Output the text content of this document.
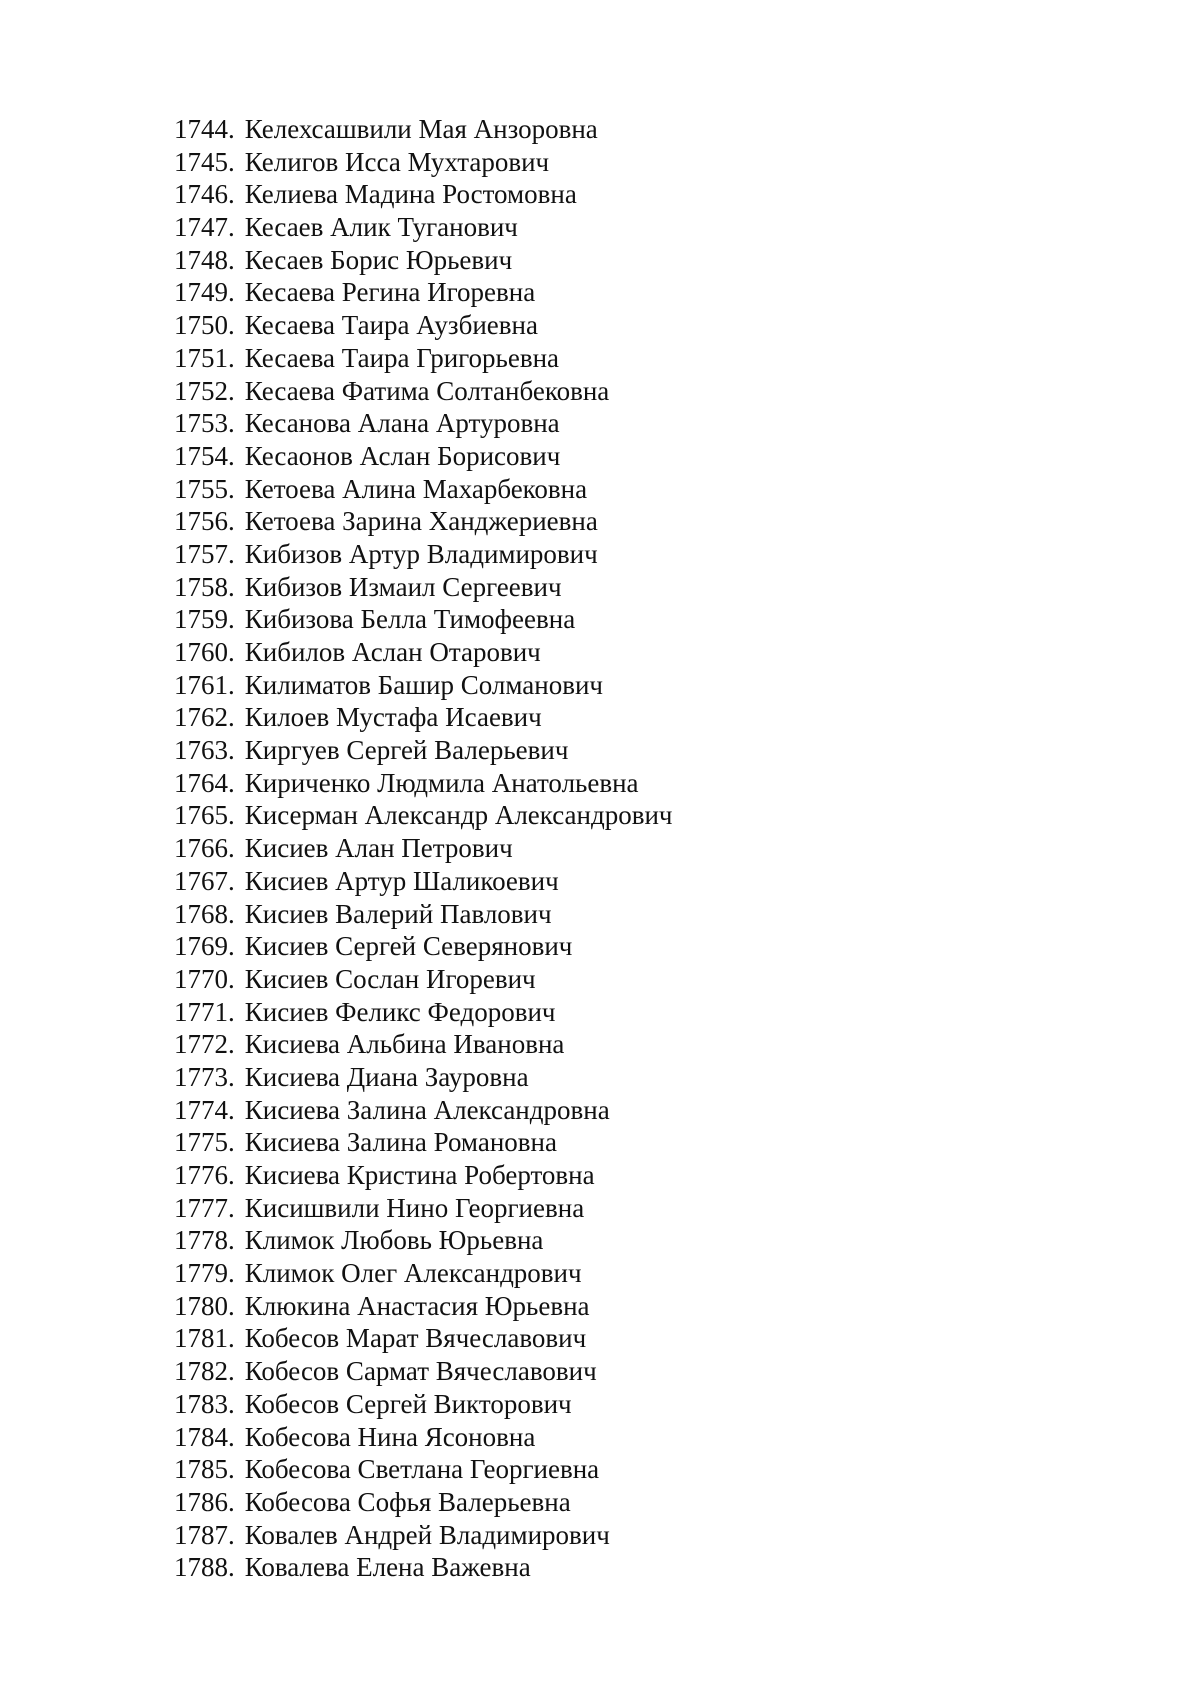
1744. Келехсашвили Мая Анзоровна
1745. Келигов Исса Мухтарович
1746. Келиева Мадина Ростомовна
1747. Кесаев Алик Туганович
1748. Кесаев Борис Юрьевич
1749. Кесаева Регина Игоревна
1750. Кесаева Таира Аузбиевна
1751. Кесаева Таира Григорьевна
1752. Кесаева Фатима Солтанбековна
1753. Кесанова Алана Артуровна
1754. Кесаонов Аслан Борисович
1755. Кетоева Алина Махарбековна
1756. Кетоева Зарина Ханджериевна
1757. Кибизов Артур Владимирович
1758. Кибизов Измаил Сергеевич
1759. Кибизова Белла Тимофеевна
1760. Кибилов Аслан Отарович
1761. Килиматов Башир Солманович
1762. Килоев Мустафа Исаевич
1763. Киргуев Сергей Валерьевич
1764. Кириченко Людмила Анатольевна
1765. Кисерман Александр Александрович
1766. Кисиев Алан Петрович
1767. Кисиев Артур Шаликоевич
1768. Кисиев Валерий Павлович
1769. Кисиев Сергей Северянович
1770. Кисиев Сослан Игоревич
1771. Кисиев Феликс Федорович
1772. Кисиева Альбина Ивановна
1773. Кисиева Диана Зауровна
1774. Кисиева Залина Александровна
1775. Кисиева Залина Романовна
1776. Кисиева Кристина Робертовна
1777. Кисишвили Нино Георгиевна
1778. Климок Любовь Юрьевна
1779. Климок Олег Александрович
1780. Клюкина Анастасия Юрьевна
1781. Кобесов Марат Вячеславович
1782. Кобесов Сармат Вячеславович
1783. Кобесов Сергей Викторович
1784. Кобесова Нина Ясоновна
1785. Кобесова Светлана Георгиевна
1786. Кобесова Софья Валерьевна
1787. Ковалев Андрей Владимирович
1788. Ковалева Елена Важевна
